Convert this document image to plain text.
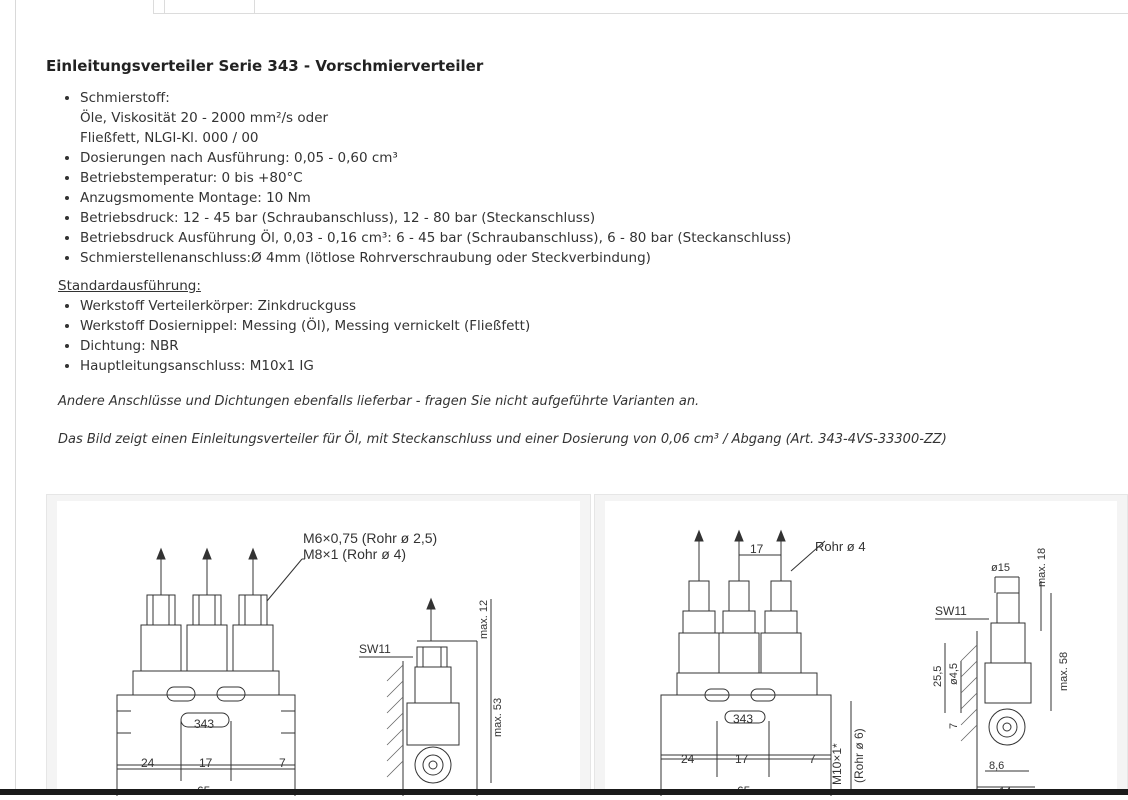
Einleitungsverteiler Serie 343 - Vorschmierverteiler
• Schmierstoff:
Öle, Viskosität 20 - 2000 mm²/s oder
Fließfett, NLGI-Kl. 000 / 00
• Dosierungen nach Ausführung: 0,05 - 0,60 cm³
• Betriebstemperatur: 0 bis +80°C
• Anzugsmomente Montage: 10 Nm
• Betriebsdruck: 12 - 45 bar (Schraubanschluss), 12 - 80 bar (Steckanschluss)
• Betriebsdruck Ausführung Öl, 0,03 - 0,16 cm³: 6 - 45 bar (Schraubanschluss), 6 - 80 bar (Steckanschluss)
• Schmierstellenanschluss:Ø 4mm (lötlose Rohrverschraubung oder Steckverbindung)
Standardausführung:
• Werkstoff Verteilerkörper: Zinkdruckguss
• Werkstoff Dosiernippel: Messing (Öl), Messing vernickelt (Fließfett)
• Dichtung: NBR
• Hauptleitungsanschluss: M10x1 IG
Andere Anschlüsse und Dichtungen ebenfalls lieferbar - fragen Sie nicht aufgeführte Varianten an.
Das Bild zeigt einen Einleitungsverteiler für Öl, mit Steckanschluss und einer Dosierung von 0,06 cm³ / Abgang (Art. 343-4VS-33300-ZZ)
M6×0,75 (Rohr ø 2,5)
M8×1 (Rohr ø 4)
343
24	17	7
SW11
max. 12
max. 53
17	Rohr ø 4
343
24	17	7 M10×1* (Rohr ø 6)
SW11
ø15 max. 18
max. 58
25,5 ø4,5
7
8,6
